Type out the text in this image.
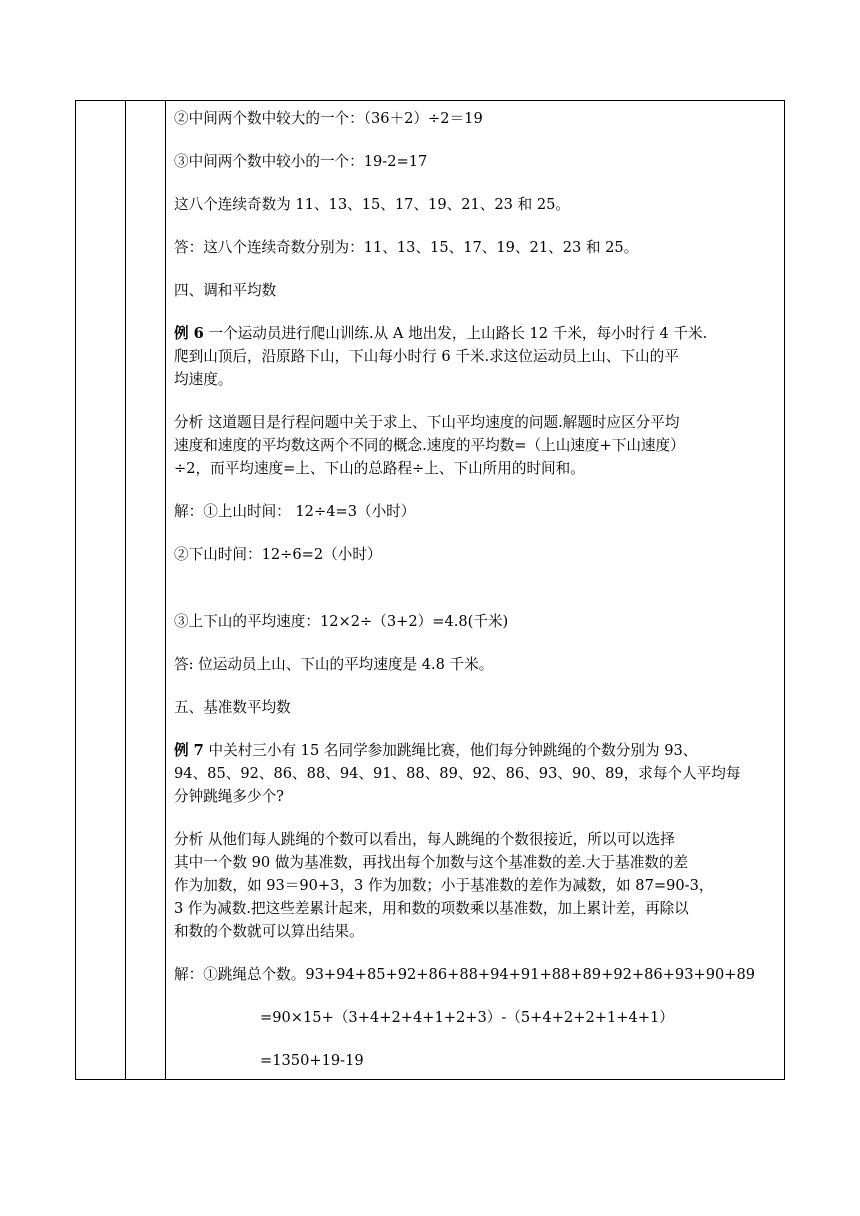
②中间两个数中较大的一个：（36＋2）÷2＝19

③中间两个数中较小的一个：19-2=17

这八个连续奇数为 11、13、15、17、19、21、23 和 25。

答：这八个连续奇数分别为：11、13、15、17、19、21、23 和 25。

四、调和平均数

例 6 一个运动员进行爬山训练.从 A 地出发，上山路长 12 千米，每小时行 4 千米.

爬到山顶后，沿原路下山，下山每小时行 6 千米.求这位运动员上山、下山的平

均速度。

分析 这道题目是行程问题中关于求上、下山平均速度的问题.解题时应区分平均

速度和速度的平均数这两个不同的概念.速度的平均数=（上山速度+下山速度）

÷2，而平均速度=上、下山的总路程÷上、下山所用的时间和。

解：①上山时间： 12÷4=3（小时）

②下山时间：12÷6=2（小时）

③上下山的平均速度：12×2÷（3+2）=4.8(千米)

答: 位运动员上山、下山的平均速度是 4.8 千米。

五、基准数平均数

例 7 中关村三小有 15 名同学参加跳绳比赛，他们每分钟跳绳的个数分别为 93、

94、85、92、86、88、94、91、88、89、92、86、93、90、89，求每个人平均每

分钟跳绳多少个?

分析 从他们每人跳绳的个数可以看出，每人跳绳的个数很接近，所以可以选择

其中一个数 90 做为基准数，再找出每个加数与这个基准数的差.大于基准数的差

作为加数，如 93＝90+3，3 作为加数；小于基准数的差作为减数，如 87=90-3，

3 作为减数.把这些差累计起来，用和数的项数乘以基准数，加上累计差，再除以

和数的个数就可以算出结果。

解：①跳绳总个数。93+94+85+92+86+88+94+91+88+89+92+86+93+90+89

=90×15+（3+4+2+4+1+2+3）-（5+4+2+2+1+4+1）

=1350+19-19
